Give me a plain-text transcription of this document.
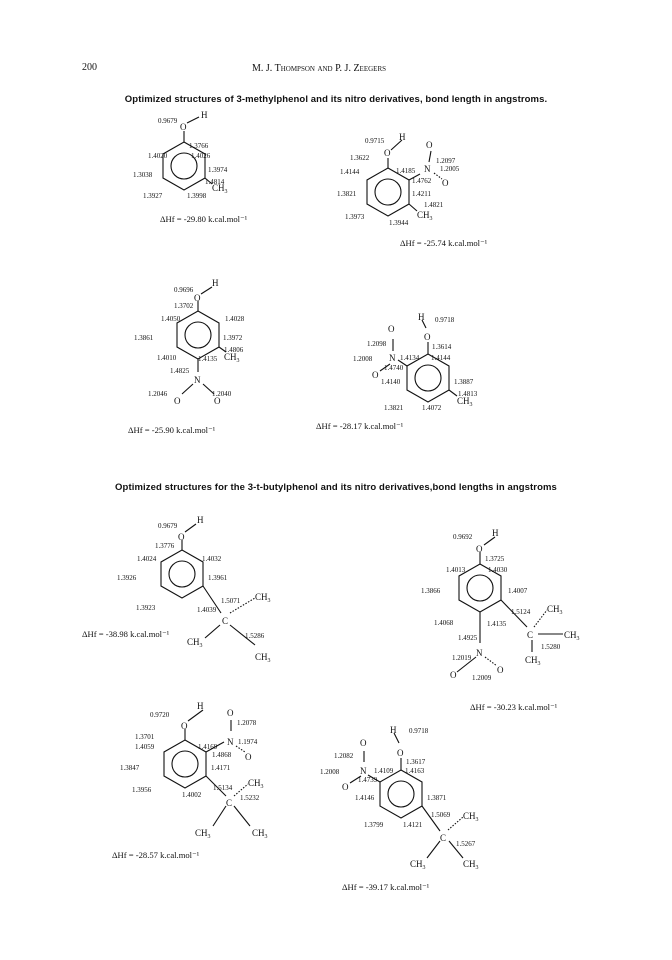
200	M. J. Thompson and P. J. Zeegers
Optimized structures of 3-methylphenol and its nitro derivatives, bond length in angstroms.
Optimized structures for the 3-t-butylphenol and its nitro derivatives,bond lengths in angstroms
O
H
$CH_3$
0.9679
1.3766
1.4020	1.4026
1.3038
1.3974
1.4814
1.3927	1.3998
ΔHf = -29.80 k.cal.mol⁻¹
O
H
O
N
O
$CH_3$
0.9715
1.3622	1.2097
1.4144	1.4185	1.2005
1.4762
1.4211
1.3821
1.4821
1.3973
1.3944
ΔHf = -25.74 k.cal.mol⁻¹
O
H
$CH_3$
N
O	O
0.9696
1.3702
1.4050	1.4028
1.3861	1.3972
1.4806
1.4010	1.4135
1.4825
1.2046	1.2040
ΔHf = -25.90 k.cal.mol⁻¹
H
O
O
N
O
$CH_3$
0.9718
1.2098	1.3614
1.2008	1.4134 1.4144
1.4740
1.4140	1.3887
1.4813
1.3821	1.4072
ΔHf = -28.17 k.cal.mol⁻¹
O
H
C
$CH_3$
$CH_3$
$CH_3$
0.9679
1.3776
1.4024	1.4032
1.3926	1.3961
1.5071
1.3923	1.4039
1.5286
ΔHf = -38.98 k.cal.mol⁻¹
O
H
C
$CH_3$
$CH_3$
$CH_3$
N
O	O
0.9692
1.3725
1.4013	1.4030
1.3866	1.4007
1.5124
1.4068	1.4135
1.5280
1.4925
1.2019
1.2009
ΔHf = -30.23 k.cal.mol⁻¹
H
O
O
N
O
C
$CH_3$
$CH_3$	$CH_3$
0.9720
1.2078
1.3701
1.4059	1.4169
1.1974
1.4868
1.3847	1.4171
1.3956
1.4002
1.5134
1.5232
ΔHf = -28.57 k.cal.mol⁻¹
H
O
O
N
O
C
$CH_3$
$CH_3$	$CH_3$
0.9718
1.2082
1.3617
1.2008	1.4109 1.4163
1.4739
1.4146	1.3871
1.5069
1.3799	1.4121
1.5267
ΔHf = -39.17 k.cal.mol⁻¹
